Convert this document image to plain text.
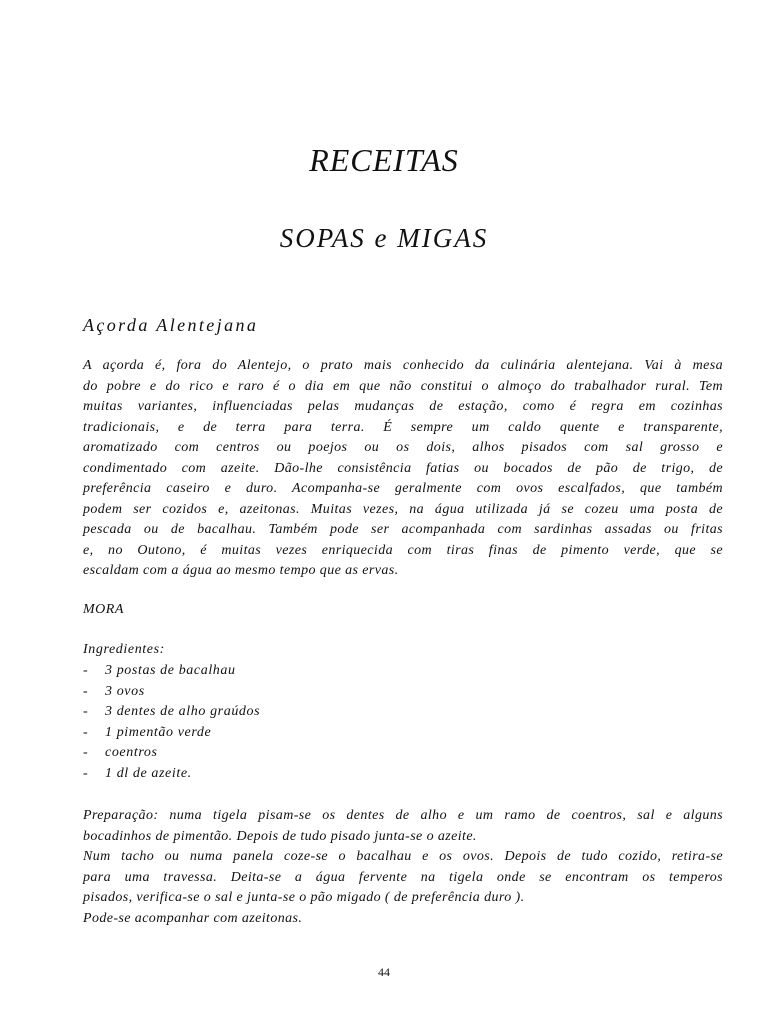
RECEITAS
SOPAS e MIGAS
Açorda Alentejana
A açorda é, fora do Alentejo, o prato mais conhecido da culinária alentejana. Vai à mesa
do pobre e do rico e raro é o dia em que não constitui o almoço do trabalhador rural. Tem
muitas variantes, influenciadas pelas mudanças de estação, como é regra em cozinhas
tradicionais, e de terra para terra. É sempre um caldo quente e transparente,
aromatizado com centros ou poejos ou os dois, alhos pisados com sal grosso e
condimentado com azeite. Dão-lhe consistência fatias ou bocados de pão de trigo, de
preferência caseiro e duro. Acompanha-se geralmente com ovos escalfados, que também
podem ser cozidos e, azeitonas. Muitas vezes, na água utilizada já se cozeu uma posta de
pescada ou de bacalhau. Também pode ser acompanhada com sardinhas assadas ou fritas
e, no Outono, é muitas vezes enriquecida com tiras finas de pimento verde, que se
escaldam com a água ao mesmo tempo que as ervas.
MORA
Ingredientes:
- 3 postas de bacalhau
- 3 ovos
- 3 dentes de alho graúdos
- 1 pimentão verde
- coentros
- 1 dl de azeite.
Preparação: numa tigela pisam-se os dentes de alho e um ramo de coentros, sal e alguns
bocadinhos de pimentão. Depois de tudo pisado junta-se o azeite.
Num tacho ou numa panela coze-se o bacalhau e os ovos. Depois de tudo cozido, retira-se
para uma travessa. Deita-se a água fervente na tigela onde se encontram os temperos
pisados, verifica-se o sal e junta-se o pão migado ( de preferência duro ).
Pode-se acompanhar com azeitonas.
44
